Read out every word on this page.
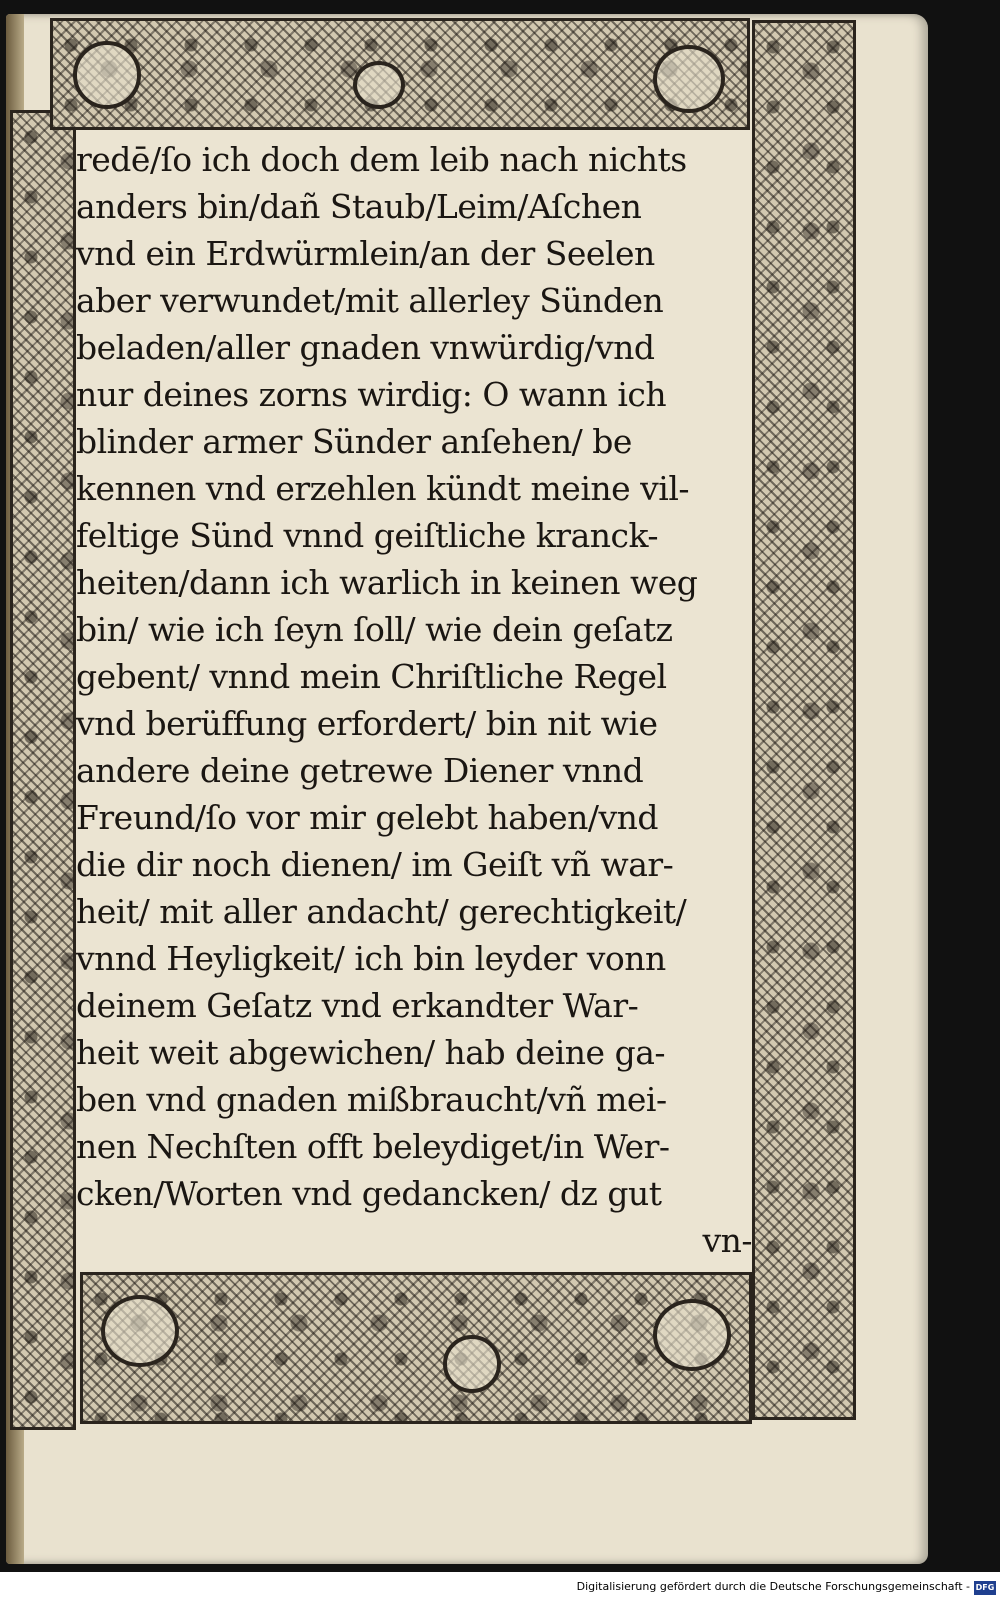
redē/ſo ich doch dem leib nach nichts
anders bin/dañ Staub/Leim/Aſchen
vnd ein Erdwürmlein/an der Seelen
aber verwundet/mit allerley Sünden
beladen/aller gnaden vnwürdig/vnd
nur deines zorns wirdig: O wann ich
blinder armer Sünder anſehen/ be
kennen vnd erzehlen kündt meine vil-
feltige Sünd vnnd geiſtliche kranck-
heiten/dann ich warlich in keinen weg
bin/ wie ich ſeyn ſoll/ wie dein geſatz
gebent/ vnnd mein Chriſtliche Regel
vnd berüffung erfordert/ bin nit wie
andere deine getrewe Diener vnnd
Freund/ſo vor mir gelebt haben/vnd
die dir noch dienen/ im Geiſt vñ war-
heit/ mit aller andacht/ gerechtigkeit/
vnnd Heyligkeit/ ich bin leyder vonn
deinem Geſatz vnd erkandter War-
heit weit abgewichen/ hab deine ga-
ben vnd gnaden mißbraucht/vñ mei-
nen Nechſten offt beleydiget/in Wer-
cken/Worten vnd gedancken/ dz gut
vn-
Digitalisierung gefördert durch die Deutsche Forschungsgemeinschaft - DFG
